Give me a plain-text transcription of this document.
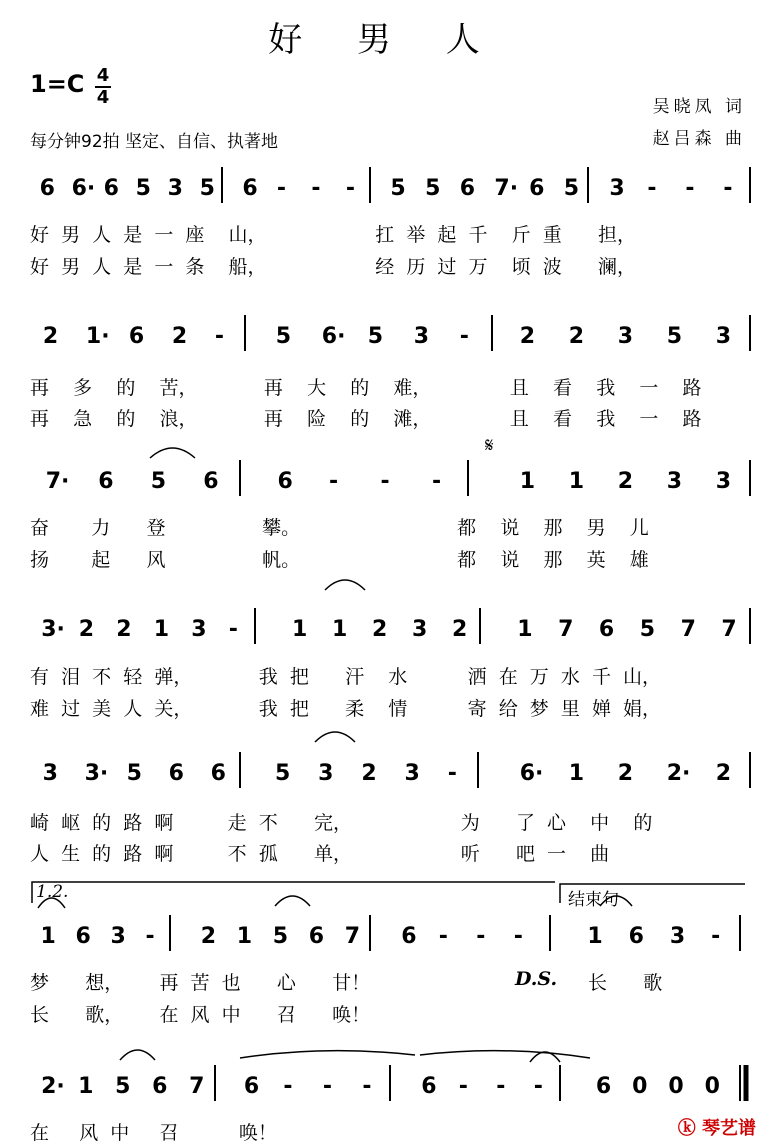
好 男 人
1=C 4
4
每分钟92拍 坚定、自信、执著地
吴晓凤 词
赵吕森 曲
6 6· 6 5 3 5 6 - - - 5 5 6 7· 6 5 3 - - -
2 1· 6 2 - 5 6· 5 3 - 2 2 3 5 3
7· 6 5 6	6 - - -	1 1 2 3 3
3· 2 2 1 3 - 1 1 2 3 2 1 7 6 5 7 7
3 3· 5 6 6 5 3 2 3 -	6· 1 2 2· 2
1 6 3 - 2 1 5 6 7 6 - - -	1 6 3 -
2· 1 5 6 7 6 - - - 6 - - - 6 0 0 0
𝄋
1.2.	结束句
好  男  人  是  一  座    山，                  扛  举  起  千    斤  重      担，
好  男  人  是  一  条    船，                  经  历  过  万    顷  波      澜，
再    多    的    苦，           再    大    的    难，             且    看    我    一    路
再    急    的    浪，           再    险    的    滩，             且    看    我    一    路
奋       力      登                攀。                          都    说    那    男    儿
扬       起      风                帆。                          都    说    那    英    雄
有  泪  不  轻  弹，           我  把      汗    水          洒  在  万  水  千  山，
难  过  美  人  关，           我  把      柔    情          寄  给  梦  里  婵  娟，
崎  岖  的  路  啊         走  不      完，                  为      了  心    中    的
人  生  的  路  啊         不  孤      单，                  听      吧  一    曲
梦      想，      再  苦  也      心      甘！
长      歌，      在  风  中      召      唤！
D.S. 长      歌
在     风  中     召          唤！	ⓚ 琴艺谱
